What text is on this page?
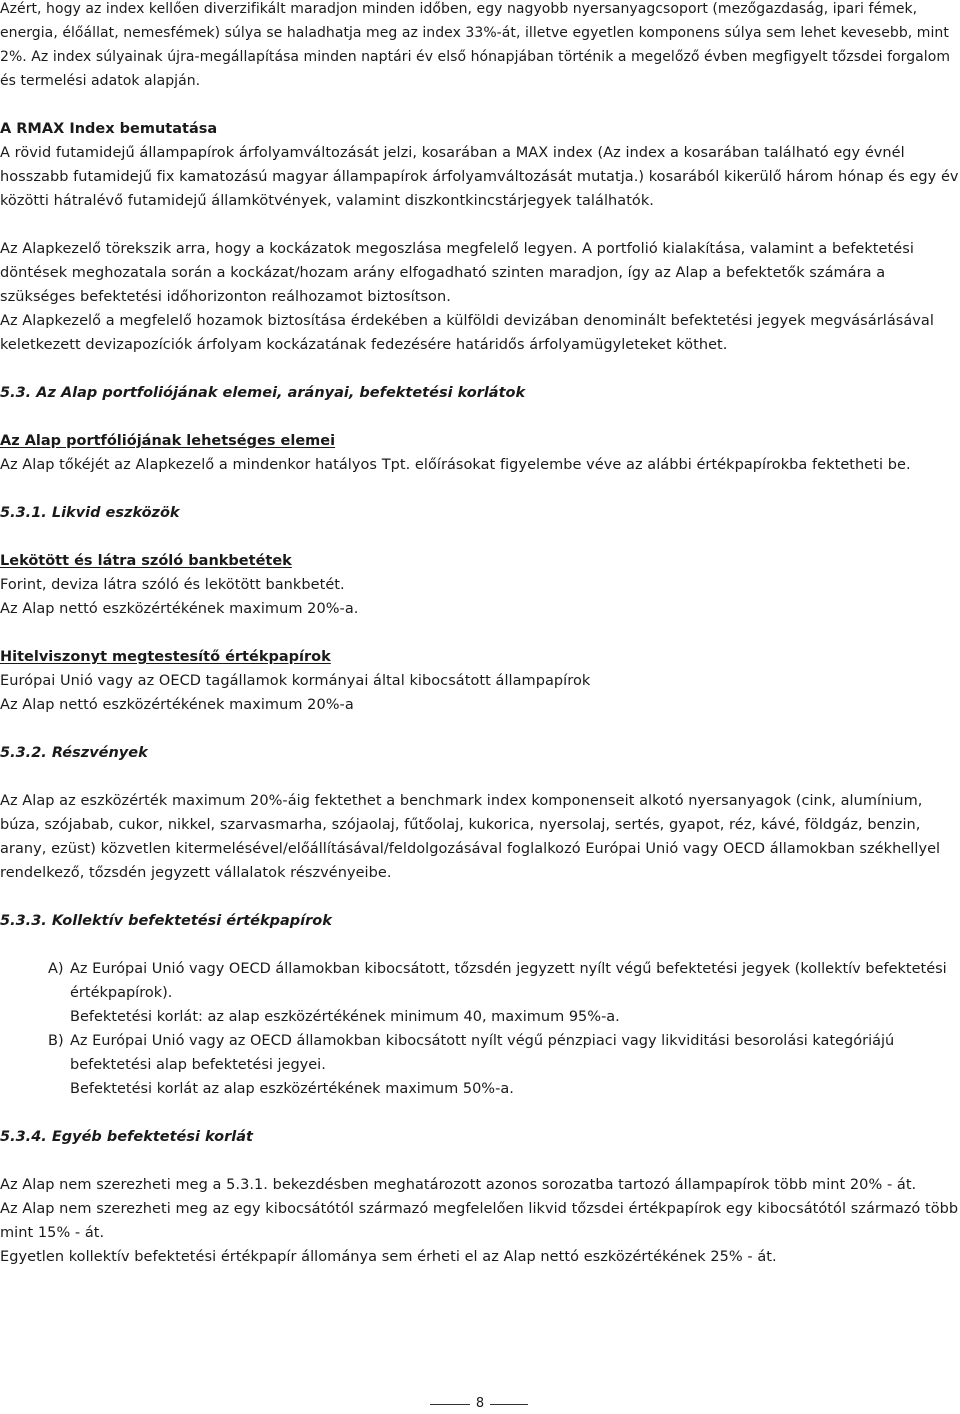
Azért, hogy az index kellően diverzifikált maradjon minden időben, egy nagyobb nyersanyagcsoport (mezőgazdaság, ipari fémek, energia, élőállat, nemesfémek) súlya se haladhatja meg az index 33%-át, illetve egyetlen komponens súlya sem lehet kevesebb, mint 2%. Az index súlyainak újra-megállapítása minden naptári év első hónapjában történik a megelőző évben megfigyelt tőzsdei forgalom és termelési adatok alapján.

A RMAX Index bemutatása

A rövid futamidejű állampapírok árfolyamváltozását jelzi, kosarában a MAX index (Az index a kosarában található egy évnél hosszabb futamidejű fix kamatozású magyar állampapírok árfolyamváltozását mutatja.) kosarából kikerülő három hónap és egy év közötti hátralévő futamidejű államkötvények, valamint diszkontkincstárjegyek találhatók.

Az Alapkezelő törekszik arra, hogy a kockázatok megoszlása megfelelő legyen. A portfolió kialakítása, valamint a befektetési döntések meghozatala során a kockázat/hozam arány elfogadható szinten maradjon, így az Alap a befektetők számára a szükséges befektetési időhorizonton reálhozamot biztosítson.

Az Alapkezelő a megfelelő hozamok biztosítása érdekében a külföldi devizában denominált befektetési jegyek megvásárlásával keletkezett devizapozíciók árfolyam kockázatának fedezésére határidős árfolyamügyleteket köthet.

5.3. Az Alap portfoliójának elemei, arányai, befektetési korlátok
Az Alap portfóliójának lehetséges elemei

Az Alap tőkéjét az Alapkezelő a mindenkor hatályos Tpt. előírásokat figyelembe véve az alábbi értékpapírokba fektetheti be.

5.3.1. Likvid eszközök
Lekötött és látra szóló bankbetétek

Forint, deviza látra szóló és lekötött bankbetét.

Az Alap nettó eszközértékének maximum 20%-a.

Hitelviszonyt megtestesítő értékpapírok

Európai Unió vagy az OECD tagállamok kormányai által kibocsátott állampapírok

Az Alap nettó eszközértékének maximum 20%-a

5.3.2. Részvények

Az Alap az eszközérték maximum 20%-áig fektethet a benchmark index komponenseit alkotó nyersanyagok (cink, alumínium, búza, szójabab, cukor, nikkel, szarvasmarha, szójaolaj, fűtőolaj, kukorica, nyersolaj, sertés, gyapot, réz, kávé, földgáz, benzin, arany, ezüst) közvetlen kitermelésével/előállításával/feldolgozásával foglalkozó Európai Unió vagy OECD államokban székhellyel rendelkező, tőzsdén jegyzett vállalatok részvényeibe.

5.3.3. Kollektív befektetési értékpapírok
A) Az Európai Unió vagy OECD államokban kibocsátott, tőzsdén jegyzett nyílt végű befektetési jegyek (kollektív befektetési értékpapírok).

Befektetési korlát: az alap eszközértékének minimum 40, maximum 95%-a.

B) Az Európai Unió vagy az OECD államokban kibocsátott nyílt végű pénzpiaci vagy likviditási besorolási kategóriájú befektetési alap befektetési jegyei.

Befektetési korlát az alap eszközértékének maximum 50%-a.

5.3.4. Egyéb befektetési korlát

Az Alap nem szerezheti meg a 5.3.1. bekezdésben meghatározott azonos sorozatba tartozó állampapírok több mint 20% - át.

Az Alap nem szerezheti meg az egy kibocsátótól származó megfelelően likvid tőzsdei értékpapírok egy kibocsátótól származó több mint 15% - át.

Egyetlen kollektív befektetési értékpapír állománya sem érheti el az Alap nettó eszközértékének 25% - át.

8
